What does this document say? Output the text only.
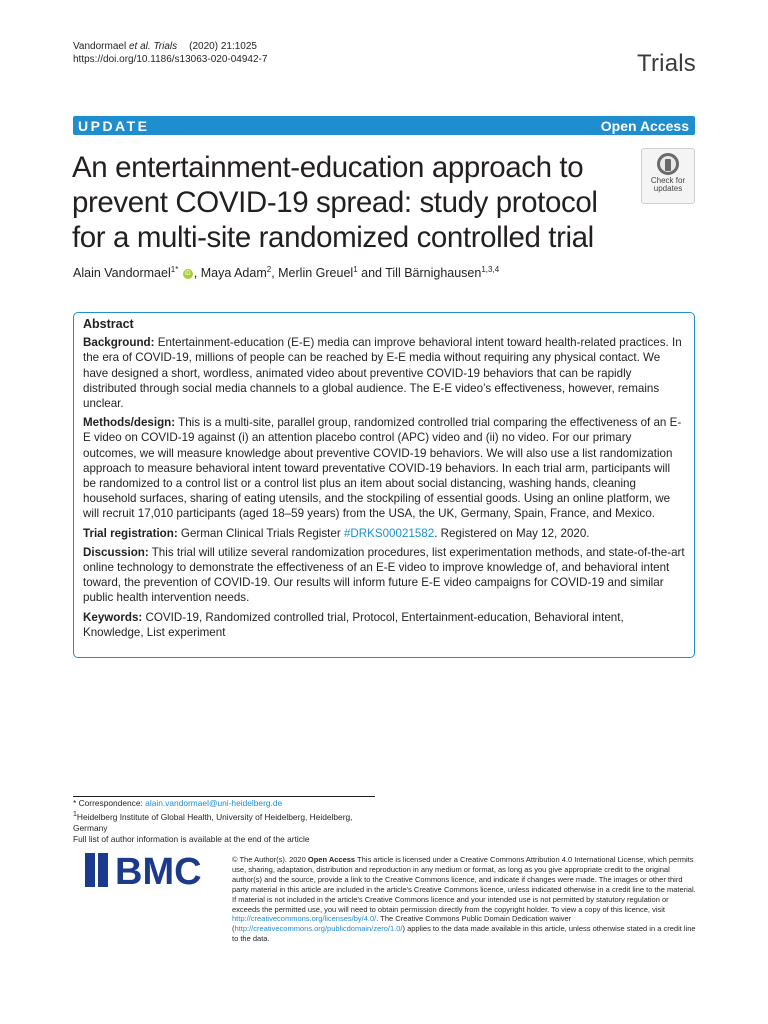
Vandormael et al. Trials (2020) 21:1025
https://doi.org/10.1186/s13063-020-04942-7	Trials
UPDATE	Open Access
An entertainment-education approach to prevent COVID-19 spread: study protocol for a multi-site randomized controlled trial
Check for
updates
Alain Vandormael$^{1*}$ iD , Maya Adam$^2$, Merlin Greuel$^1$ and Till Bärnighausen$^{1,3,4}$
Abstract

Background: Entertainment-education (E-E) media can improve behavioral intent toward health-related practices. In the era of COVID-19, millions of people can be reached by E-E media without requiring any physical contact. We have designed a short, wordless, animated video about preventive COVID-19 behaviors that can be rapidly distributed through social media channels to a global audience. The E-E video’s effectiveness, however, remains unclear.

Methods/design: This is a multi-site, parallel group, randomized controlled trial comparing the effectiveness of an E-E video on COVID-19 against (i) an attention placebo control (APC) video and (ii) no video. For our primary outcomes, we will measure knowledge about preventive COVID-19 behaviors. We will also use a list randomization approach to measure behavioral intent toward preventative COVID-19 behaviors. In each trial arm, participants will be randomized to a control list or a control list plus an item about social distancing, washing hands, cleaning household surfaces, sharing of eating utensils, and the stockpiling of essential goods. Using an online platform, we will recruit 17,010 participants (aged 18–59 years) from the USA, the UK, Germany, Spain, France, and Mexico.

Trial registration: German Clinical Trials Register #DRKS00021582. Registered on May 12, 2020.

Discussion: This trial will utilize several randomization procedures, list experimentation methods, and state-of-the-art online technology to demonstrate the effectiveness of an E-E video to improve knowledge of, and behavioral intent toward, the prevention of COVID-19. Our results will inform future E-E video campaigns for COVID-19 and similar public health intervention needs.

Keywords: COVID-19, Randomized controlled trial, Protocol, Entertainment-education, Behavioral intent, Knowledge, List experiment

* Correspondence: alain.vandormael@uni-heidelberg.de

$^1$Heidelberg Institute of Global Health, University of Heidelberg, Heidelberg, Germany

Full list of author information is available at the end of the article

BMC	© The Author(s). 2020 Open Access This article is licensed under a Creative Commons Attribution 4.0 International License, which permits use, sharing, adaptation, distribution and reproduction in any medium or format, as long as you give appropriate credit to the original author(s) and the source, provide a link to the Creative Commons licence, and indicate if changes were made. The images or other third party material in this article are included in the article's Creative Commons licence, unless indicated otherwise in a credit line to the material. If material is not included in the article's Creative Commons licence and your intended use is not permitted by statutory regulation or exceeds the permitted use, you will need to obtain permission directly from the copyright holder. To view a copy of this licence, visit http://creativecommons.org/licenses/by/4.0/. The Creative Commons Public Domain Dedication waiver (http://creativecommons.org/publicdomain/zero/1.0/) applies to the data made available in this article, unless otherwise stated in a credit line to the data.
